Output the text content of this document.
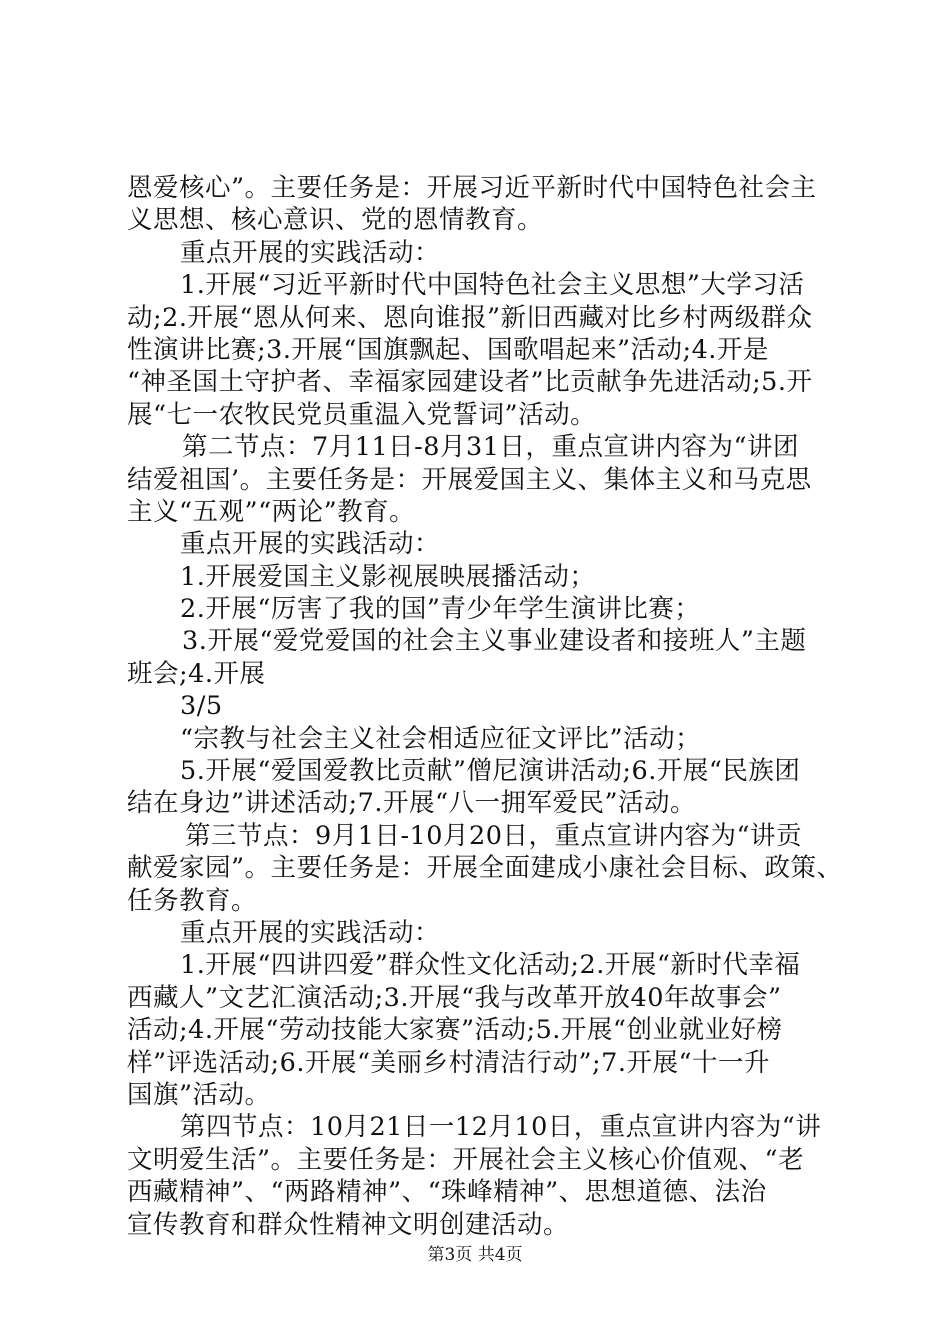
恩爱核心”。主要任务是：开展习近平新时代中国特色社会主
义思想、核心意识、党的恩情教育。
重点开展的实践活动：
1.开展“习近平新时代中国特色社会主义思想”大学习活
动;2.开展“恩从何来、恩向谁报”新旧西藏对比乡村两级群众
性演讲比赛;3.开展“国旗飘起、国歌唱起来”活动;4.开是
“神圣国土守护者、幸福家园建设者”比贡献争先进活动;5.开
展“七一农牧民党员重温入党誓词”活动。
第二节点：7月11日-8月31日，重点宣讲内容为“讲团
结爱祖国’。主要任务是：开展爱国主义、集体主义和马克思
主义“五观”“两论”教育。
重点开展的实践活动：
1.开展爱国主义影视展映展播活动；
2.开展“厉害了我的国”青少年学生演讲比赛；
3.开展“爱党爱国的社会主义事业建设者和接班人”主题
班会;4.开展
3/5
“宗教与社会主义社会相适应征文评比”活动；
5.开展“爱国爱教比贡献”僧尼演讲活动;6.开展“民族团
结在身边”讲述活动;7.开展“八一拥军爱民”活动。
第三节点：9月1日-10月20日，重点宣讲内容为“讲贡
献爱家园”。主要任务是：开展全面建成小康社会目标、政策、
任务教育。
重点开展的实践活动：
1.开展“四讲四爱”群众性文化活动;2.开展“新时代幸福
西藏人”文艺汇演活动;3.开展“我与改革开放40年故事会”
活动;4.开展“劳动技能大家赛”活动;5.开展“创业就业好榜
样”评选活动;6.开展“美丽乡村清洁行动”;7.开展“十一升
国旗”活动。
第四节点：10月21日一12月10日，重点宣讲内容为“讲
文明爱生活”。主要任务是：开展社会主义核心价值观、“老
西藏精神”、“两路精神”、“珠峰精神”、思想道德、法治
宣传教育和群众性精神文明创建活动。
第3页 共4页
